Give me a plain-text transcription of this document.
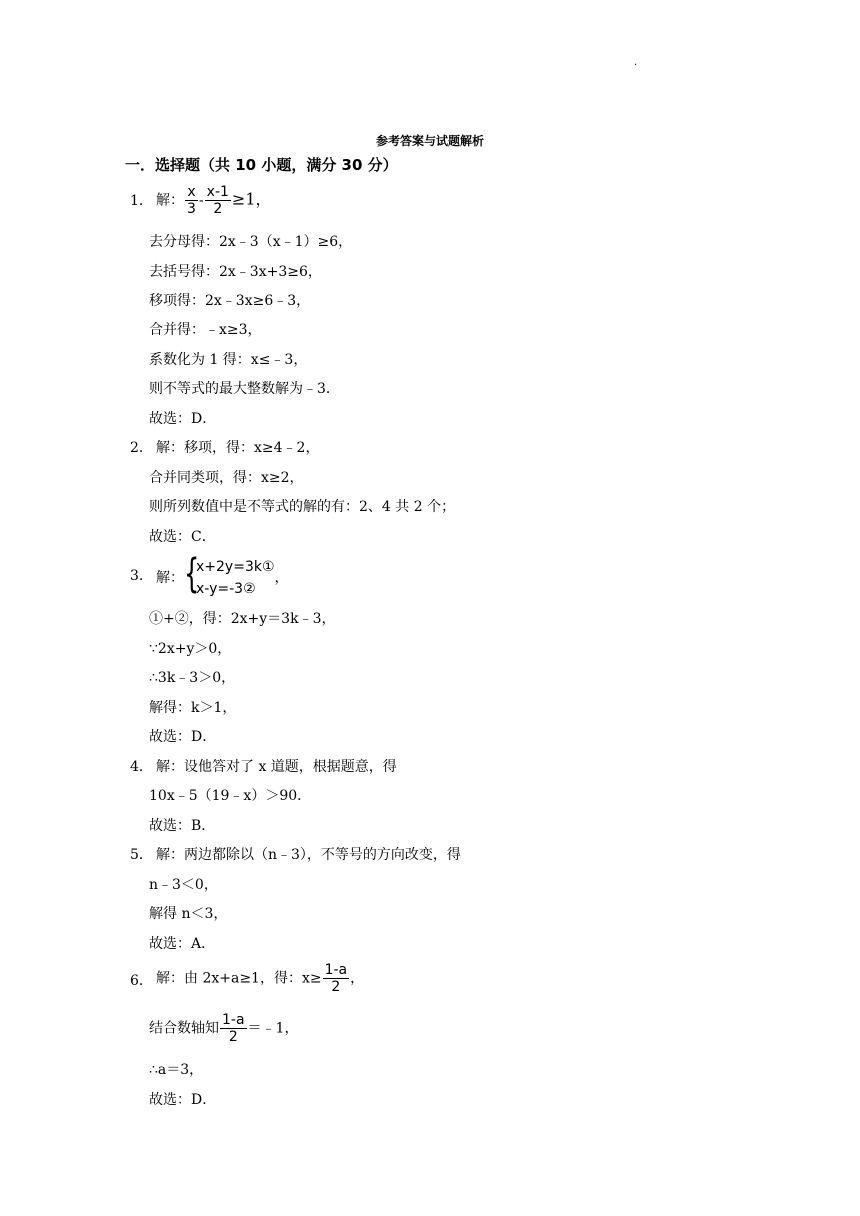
.
参考答案与试题解析
一．选择题（共 10 小题，满分 30 分）
1． 解： $\frac{x}{3} - \frac{x-1}{2} \ge 1$，
去分母得：2x﹣3（x﹣1）≥6，
去括号得：2x﹣3x+3≥6，
移项得：2x﹣3x≥6﹣3，
合并得：﹣x≥3，
系数化为 1 得：x≤﹣3，
则不等式的最大整数解为﹣3．
故选：D．
2． 解：移项，得：x≥4﹣2，
合并同类项，得：x≥2，
则所列数值中是不等式的解的有：2、4 共 2 个；
故选：C．
3． 解： {
x+2y=3k①
x-y=-3②
，
①+②，得：2x+y＝3k﹣3，
∵2x+y＞0，
∴3k﹣3＞0，
解得：k＞1，
故选：D．
4． 解：设他答对了 x 道题，根据题意，得
10x﹣5（19﹣x）＞90．
故选：B．
5． 解：两边都除以（n﹣3），不等号的方向改变，得
n﹣3＜0，
解得 n＜3，
故选：A．
6． 解：由 2x+a≥1，得：$x\ge \frac{1-a}{2}$ ，
结合数轴知 $\frac{1-a}{2}$ ＝﹣1，
∴a＝3，
故选：D．
